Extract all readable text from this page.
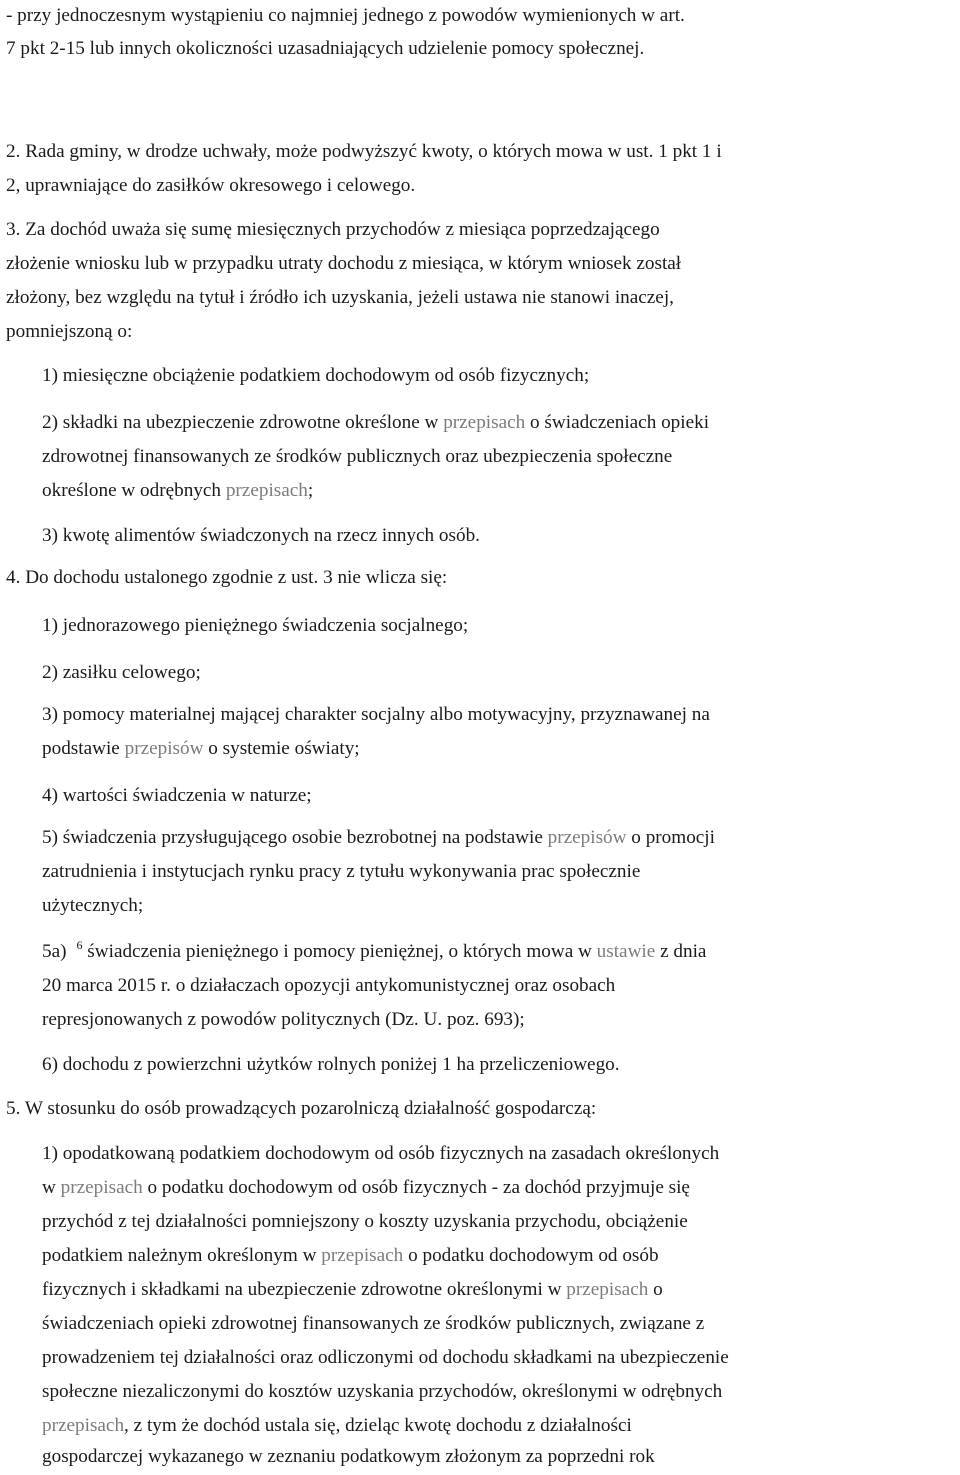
- przy jednoczesnym wystąpieniu co najmniej jednego z powodów wymienionych w art.
7 pkt 2-15 lub innych okoliczności uzasadniających udzielenie pomocy społecznej.
2. Rada gminy, w drodze uchwały, może podwyższyć kwoty, o których mowa w ust. 1 pkt 1 i
2, uprawniające do zasiłków okresowego i celowego.
3. Za dochód uważa się sumę miesięcznych przychodów z miesiąca poprzedzającego
złożenie wniosku lub w przypadku utraty dochodu z miesiąca, w którym wniosek został
złożony, bez względu na tytuł i źródło ich uzyskania, jeżeli ustawa nie stanowi inaczej,
pomniejszoną o:
1) miesięczne obciążenie podatkiem dochodowym od osób fizycznych;
2) składki na ubezpieczenie zdrowotne określone w przepisach o świadczeniach opieki
zdrowotnej finansowanych ze środków publicznych oraz ubezpieczenia społeczne
określone w odrębnych przepisach;
3) kwotę alimentów świadczonych na rzecz innych osób.
4. Do dochodu ustalonego zgodnie z ust. 3 nie wlicza się:
1) jednorazowego pieniężnego świadczenia socjalnego;
2) zasiłku celowego;
3) pomocy materialnej mającej charakter socjalny albo motywacyjny, przyznawanej na
podstawie przepisów o systemie oświaty;
4) wartości świadczenia w naturze;
5) świadczenia przysługującego osobie bezrobotnej na podstawie przepisów o promocji
zatrudnienia i instytucjach rynku pracy z tytułu wykonywania prac społecznie
użytecznych;
5a) $^6$ świadczenia pieniężnego i pomocy pieniężnej, o których mowa w ustawie z dnia
20 marca 2015 r. o działaczach opozycji antykomunistycznej oraz osobach
represjonowanych z powodów politycznych (Dz. U. poz. 693);
6) dochodu z powierzchni użytków rolnych poniżej 1 ha przeliczeniowego.
5. W stosunku do osób prowadzących pozarolniczą działalność gospodarczą:
1) opodatkowaną podatkiem dochodowym od osób fizycznych na zasadach określonych
w przepisach o podatku dochodowym od osób fizycznych - za dochód przyjmuje się
przychód z tej działalności pomniejszony o koszty uzyskania przychodu, obciążenie
podatkiem należnym określonym w przepisach o podatku dochodowym od osób
fizycznych i składkami na ubezpieczenie zdrowotne określonymi w przepisach o
świadczeniach opieki zdrowotnej finansowanych ze środków publicznych, związane z
prowadzeniem tej działalności oraz odliczonymi od dochodu składkami na ubezpieczenie
społeczne niezaliczonymi do kosztów uzyskania przychodów, określonymi w odrębnych
przepisach, z tym że dochód ustala się, dzieląc kwotę dochodu z działalności
gospodarczej wykazanego w zeznaniu podatkowym złożonym za poprzedni rok
